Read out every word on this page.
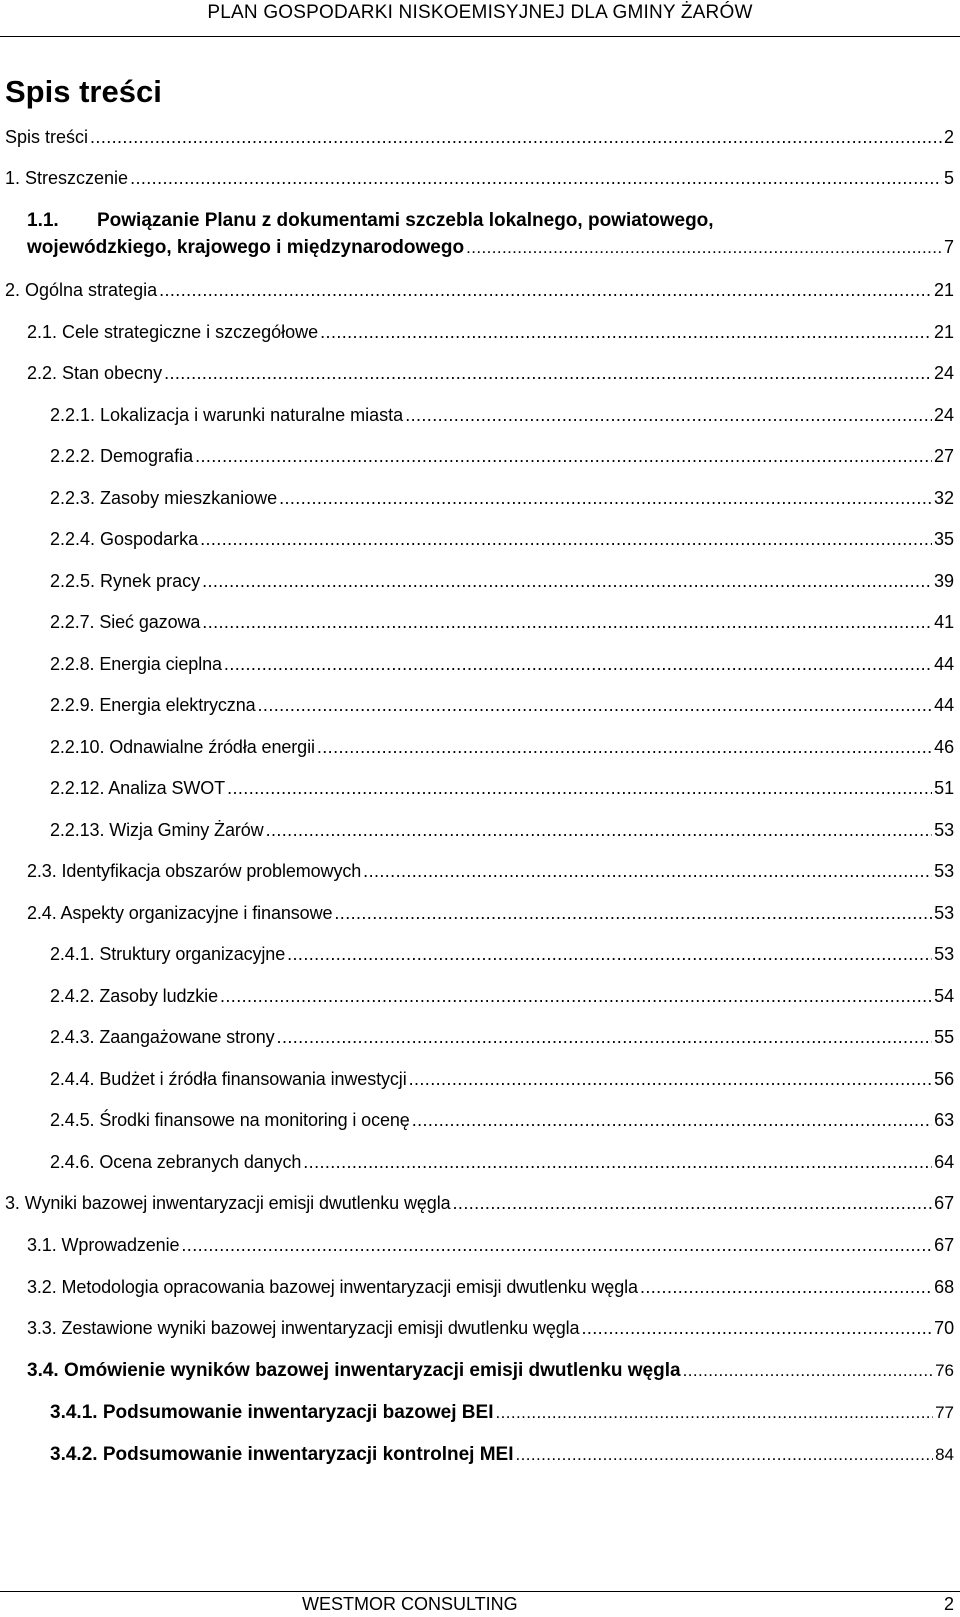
PLAN GOSPODARKI NISKOEMISYJNEJ DLA GMINY ŻARÓW
Spis treści
Spis treści .....	2
1. Streszczenie .....	5
1.1. Powiązanie Planu z dokumentami szczebla lokalnego, powiatowego,
wojewódzkiego, krajowego i międzynarodowego .....	7
2. Ogólna strategia .....	21
2.1. Cele strategiczne i szczegółowe .....	21
2.2. Stan obecny .....	24
2.2.1. Lokalizacja i warunki naturalne miasta .....	24
2.2.2. Demografia .....	27
2.2.3. Zasoby mieszkaniowe .....	32
2.2.4. Gospodarka .....	35
2.2.5. Rynek pracy .....	39
2.2.7. Sieć gazowa .....	41
2.2.8. Energia cieplna .....	44
2.2.9. Energia elektryczna .....	44
2.2.10. Odnawialne źródła energii .....	46
2.2.12. Analiza SWOT .....	51
2.2.13. Wizja Gminy Żarów .....	53
2.3. Identyfikacja obszarów problemowych .....	53
2.4. Aspekty organizacyjne i finansowe .....	53
2.4.1. Struktury organizacyjne .....	53
2.4.2. Zasoby ludzkie .....	54
2.4.3. Zaangażowane strony .....	55
2.4.4. Budżet i źródła finansowania inwestycji .....	56
2.4.5. Środki finansowe na monitoring i ocenę .....	63
2.4.6. Ocena zebranych danych .....	64
3. Wyniki bazowej inwentaryzacji emisji dwutlenku węgla .....	67
3.1. Wprowadzenie .....	67
3.2. Metodologia opracowania bazowej inwentaryzacji emisji dwutlenku węgla .....	68
3.3. Zestawione wyniki bazowej inwentaryzacji emisji dwutlenku węgla .....	70
3.4. Omówienie wyników bazowej inwentaryzacji emisji dwutlenku węgla .....	76
3.4.1. Podsumowanie inwentaryzacji bazowej BEI .....	77
3.4.2. Podsumowanie inwentaryzacji kontrolnej MEI .....	84
WESTMOR CONSULTING	2
